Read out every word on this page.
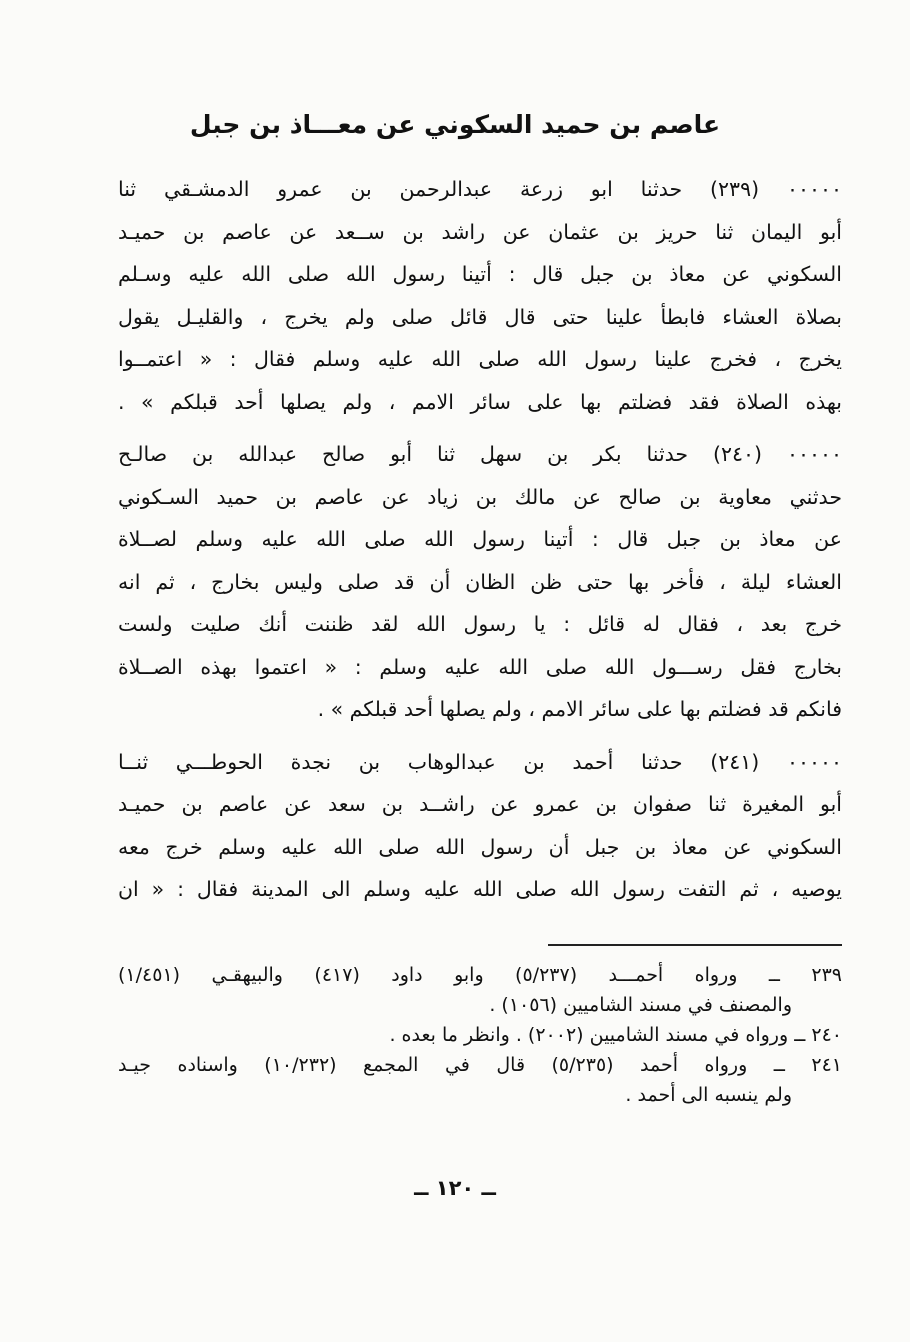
عاصم بن حميد السكوني عن معـــاذ بن جبل
٠٠٠٠٠ (٢٣٩) حدثنا ابو زرعة عبدالرحمن بن عمرو الدمشـقي ثنا
أبو اليمان ثنا حريز بن عثمان عن راشد بن ســعد عن عاصم بن حميـد
السكوني عن معاذ بن جبل قال : أتينا رسول الله صلى الله عليه وسـلم
بصلاة العشاء فابطأ علينا حتى قال قائل صلى ولم يخرج ، والقليـل يقول
يخرج ، فخرج علينا رسول الله صلى الله عليه وسلم فقال : « اعتمــوا
بهذه الصلاة فقد فضلتم بها على سائر الامم ، ولم يصلها أحد قبلكم » .
٠٠٠٠٠ (٢٤٠) حدثنا بكر بن سهل ثنا أبو صالح عبدالله بن صالـح
حدثني معاوية بن صالح عن مالك بن زياد عن عاصم بن حميد السـكوني
عن معاذ بن جبل قال : أتينا رسول الله صلى الله عليه وسلم لصــلاة
العشاء ليلة ، فأخر بها حتى ظن الظان أن قد صلى وليس بخارج ، ثم انه
خرج بعد ، فقال له قائل : يا رسول الله لقد ظننت أنك صليت ولست
بخارج فقل رســـول الله صلى الله عليه وسلم : « اعتموا بهذه الصــلاة
فانكم قد فضلتم بها على سائر الامم ، ولم يصلها أحد قبلكم » .
٠٠٠٠٠ (٢٤١) حدثنا أحمد بن عبدالوهاب بن نجدة الحوطـــي ثنــا
أبو المغيرة ثنا صفوان بن عمرو عن راشــد بن سعد عن عاصم بن حميـد
السكوني عن معاذ بن جبل أن رسول الله صلى الله عليه وسلم خرج معه
يوصيه ، ثم التفت رسول الله صلى الله عليه وسلم الى المدينة فقال : « ان
٢٣٩ ــ ورواه أحمـــد (٥/٢٣٧) وابو داود (٤١٧) والبيهقـي (١/٤٥١)
والمصنف في مسند الشاميين (١٠٥٦) .
٢٤٠ ــ ورواه في مسند الشاميين (٢٠٠٢) . وانظر ما بعده .
٢٤١ ــ ورواه أحمد (٥/٢٣٥) قال في المجمع (١٠/٢٣٢) واسناده جيـد
ولم ينسبه الى أحمد .
ــ ١٢٠ ــ
